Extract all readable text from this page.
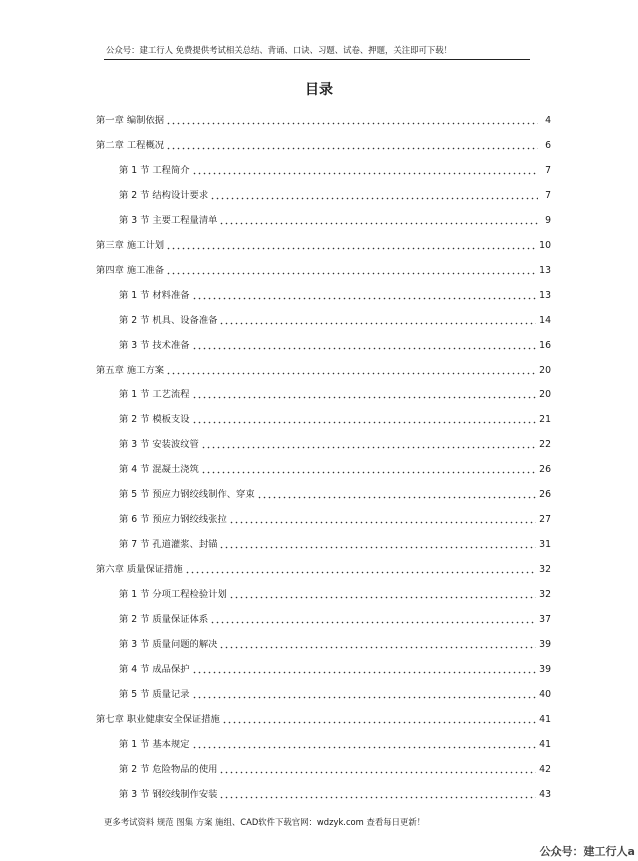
公众号：建工行人 免费提供考试相关总结、背诵、口诀、习题、试卷、押题，关注即可下载！
目录
第一章 编制依据	4
第二章 工程概况	6
第 1 节 工程简介	7
第 2 节 结构设计要求	7
第 3 节 主要工程量清单	9
第三章 施工计划	10
第四章 施工准备	13
第 1 节 材料准备	13
第 2 节 机具、设备准备	14
第 3 节 技术准备	16
第五章 施工方案	20
第 1 节 工艺流程	20
第 2 节 模板支设	21
第 3 节 安装波纹管	22
第 4 节 混凝土浇筑	26
第 5 节 预应力钢绞线制作、穿束	26
第 6 节 预应力钢绞线张拉	27
第 7 节 孔道灌浆、封锚	31
第六章 质量保证措施	32
第 1 节 分项工程检验计划	32
第 2 节 质量保证体系	37
第 3 节 质量问题的解决	39
第 4 节 成品保护	39
第 5 节 质量记录	40
第七章 职业健康安全保证措施	41
第 1 节 基本规定	41
第 2 节 危险物品的使用	42
第 3 节 钢绞线制作安装	43
更多考试资料 规范 图集 方案 施组、CAD软件下载官网：wdzyk.com 查看每日更新！
公众号：建工行人a
